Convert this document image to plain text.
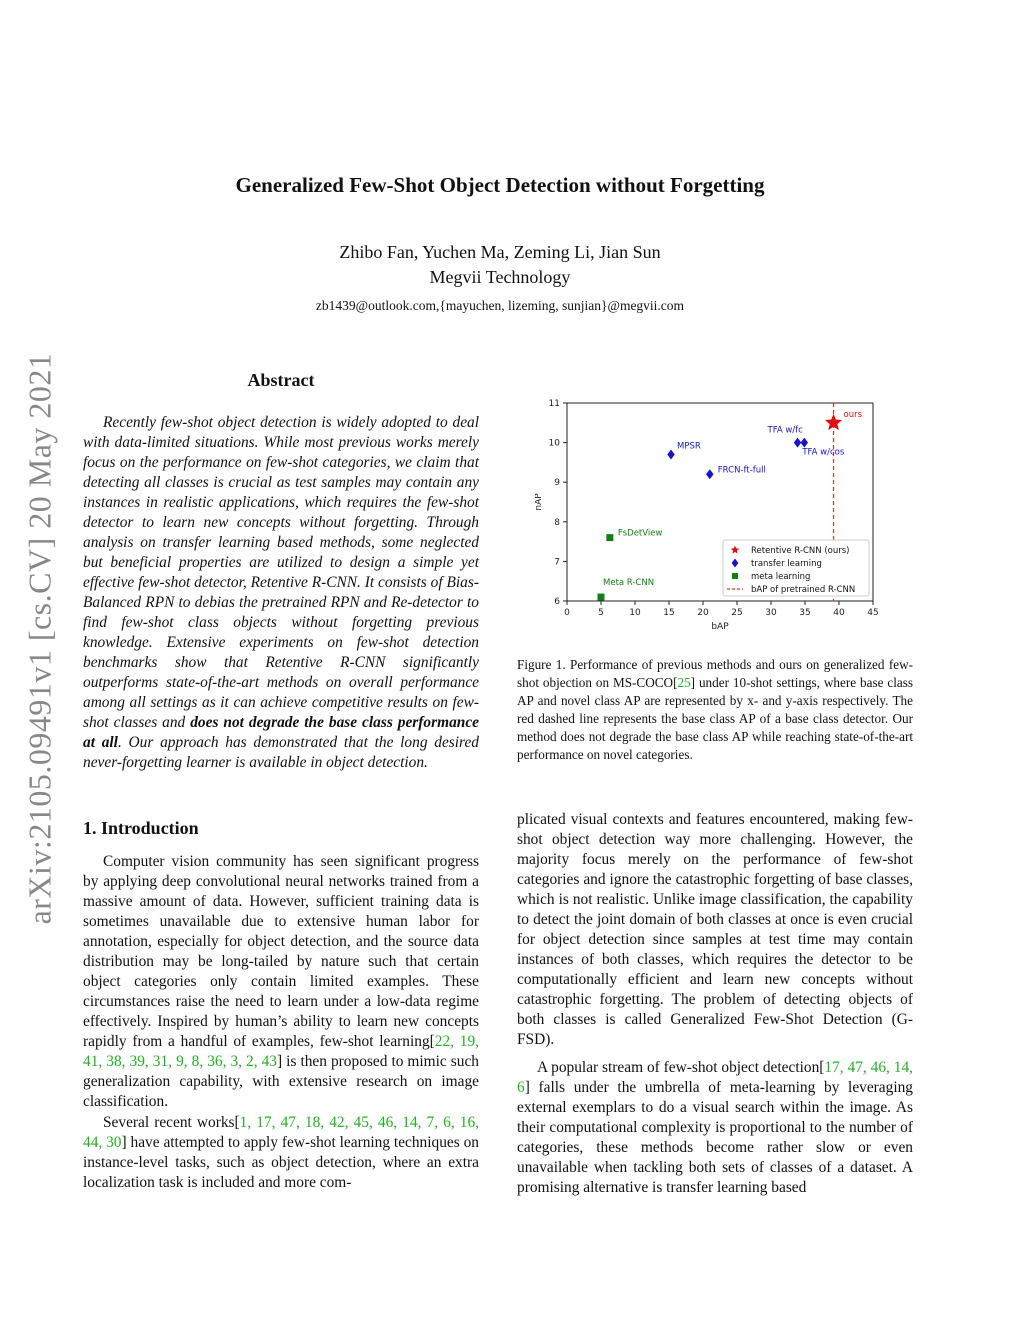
Generalized Few-Shot Object Detection without Forgetting
Zhibo Fan, Yuchen Ma, Zeming Li, Jian Sun
Megvii Technology
zb1439@outlook.com,{mayuchen, lizeming, sunjian}@megvii.com
arXiv:2105.09491v1 [cs.CV] 20 May 2021	Abstract
Recently few-shot object detection is widely adopted to deal with data-limited situations. While most previous works merely focus on the performance on few-shot categories, we claim that detecting all classes is crucial as test samples may contain any instances in realistic applications, which requires the few-shot detector to learn new concepts without forgetting. Through analysis on transfer learning based methods, some neglected but beneficial properties are utilized to design a simple yet effective few-shot detector, Retentive R-CNN. It consists of Bias-Balanced RPN to debias the pretrained RPN and Re-detector to find few-shot class objects without forgetting previous knowledge. Extensive experiments on few-shot detection benchmarks show that Retentive R-CNN significantly outperforms state-of-the-art methods on overall performance among all settings as it can achieve competitive results on few-shot classes and does not degrade the base class performance at all. Our approach has demonstrated that the long desired never-forgetting learner is available in object detection.
1. Introduction

Computer vision community has seen significant progress by applying deep convolutional neural networks trained from a massive amount of data. However, sufficient training data is sometimes unavailable due to extensive human labor for annotation, especially for object detection, and the source data distribution may be long-tailed by nature such that certain object categories only contain limited examples. These circumstances raise the need to learn under a low-data regime effectively. Inspired by human’s ability to learn new concepts rapidly from a handful of examples, few-shot learning[22, 19, 41, 38, 39, 31, 9, 8, 36, 3, 2, 43] is then proposed to mimic such generalization capability, with extensive research on image classification.

Several recent works[1, 17, 47, 18, 42, 45, 46, 14, 7, 6, 16, 44, 30] have attempted to apply few-shot learning techniques on instance-level tasks, such as object detection, where an extra localization task is included and more com-

0	5	10	15	20	25	30	35	40	45
6
7
8
9
10
11
bAP
nAP
ours
TFA w/fc
TFA w/cos
MPSR
FRCN-ft-full
FsDetView
Meta R-CNN
Retentive R-CNN (ours)
transfer learning
meta learning
bAP of pretrained R-CNN
Figure 1. Performance of previous methods and ours on generalized few-shot objection on MS-COCO[25] under 10-shot settings, where base class AP and novel class AP are represented by x- and y-axis respectively. The red dashed line represents the base class AP of a base class detector. Our method does not degrade the base class AP while reaching state-of-the-art performance on novel categories.

plicated visual contexts and features encountered, making few-shot object detection way more challenging. However, the majority focus merely on the performance of few-shot categories and ignore the catastrophic forgetting of base classes, which is not realistic. Unlike image classification, the capability to detect the joint domain of both classes at once is even crucial for object detection since samples at test time may contain instances of both classes, which requires the detector to be computationally efficient and learn new concepts without catastrophic forgetting. The problem of detecting objects of both classes is called Generalized Few-Shot Detection (G-FSD).

A popular stream of few-shot object detection[17, 47, 46, 14, 6] falls under the umbrella of meta-learning by leveraging external exemplars to do a visual search within the image. As their computational complexity is proportional to the number of categories, these methods become rather slow or even unavailable when tackling both sets of classes of a dataset. A promising alternative is transfer learning based
